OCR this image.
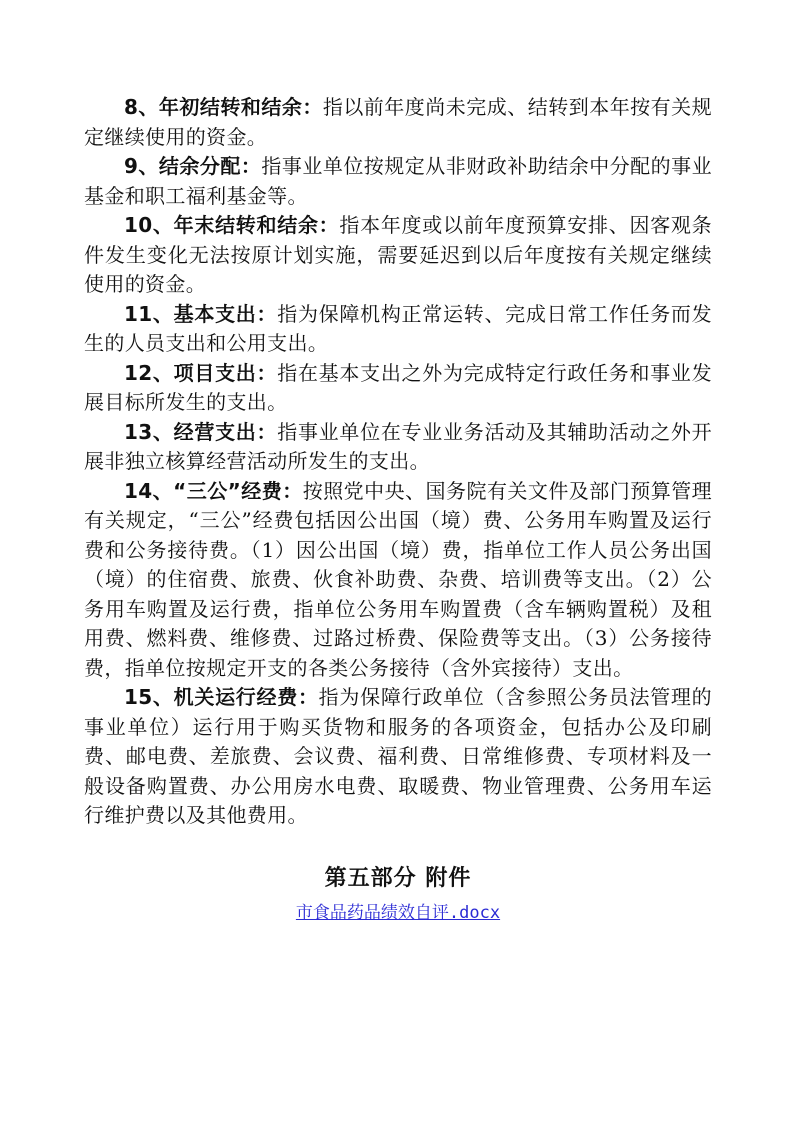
8、年初结转和结余：指以前年度尚未完成、结转到本年按有关规定继续使用的资金。

9、结余分配：指事业单位按规定从非财政补助结余中分配的事业基金和职工福利基金等。

10、年末结转和结余：指本年度或以前年度预算安排、因客观条件发生变化无法按原计划实施，需要延迟到以后年度按有关规定继续使用的资金。

11、基本支出：指为保障机构正常运转、完成日常工作任务而发生的人员支出和公用支出。

12、项目支出：指在基本支出之外为完成特定行政任务和事业发展目标所发生的支出。

13、经营支出：指事业单位在专业业务活动及其辅助活动之外开展非独立核算经营活动所发生的支出。

14、“三公”经费：按照党中央、国务院有关文件及部门预算管理有关规定，“三公”经费包括因公出国（境）费、公务用车购置及运行费和公务接待费。（1）因公出国（境）费，指单位工作人员公务出国（境）的住宿费、旅费、伙食补助费、杂费、培训费等支出。（2）公务用车购置及运行费，指单位公务用车购置费（含车辆购置税）及租用费、燃料费、维修费、过路过桥费、保险费等支出。（3）公务接待费，指单位按规定开支的各类公务接待（含外宾接待）支出。

15、机关运行经费：指为保障行政单位（含参照公务员法管理的事业单位）运行用于购买货物和服务的各项资金，包括办公及印刷费、邮电费、差旅费、会议费、福利费、日常维修费、专项材料及一般设备购置费、办公用房水电费、取暖费、物业管理费、公务用车运行维护费以及其他费用。

第五部分 附件
市食品药品绩效自评.docx
